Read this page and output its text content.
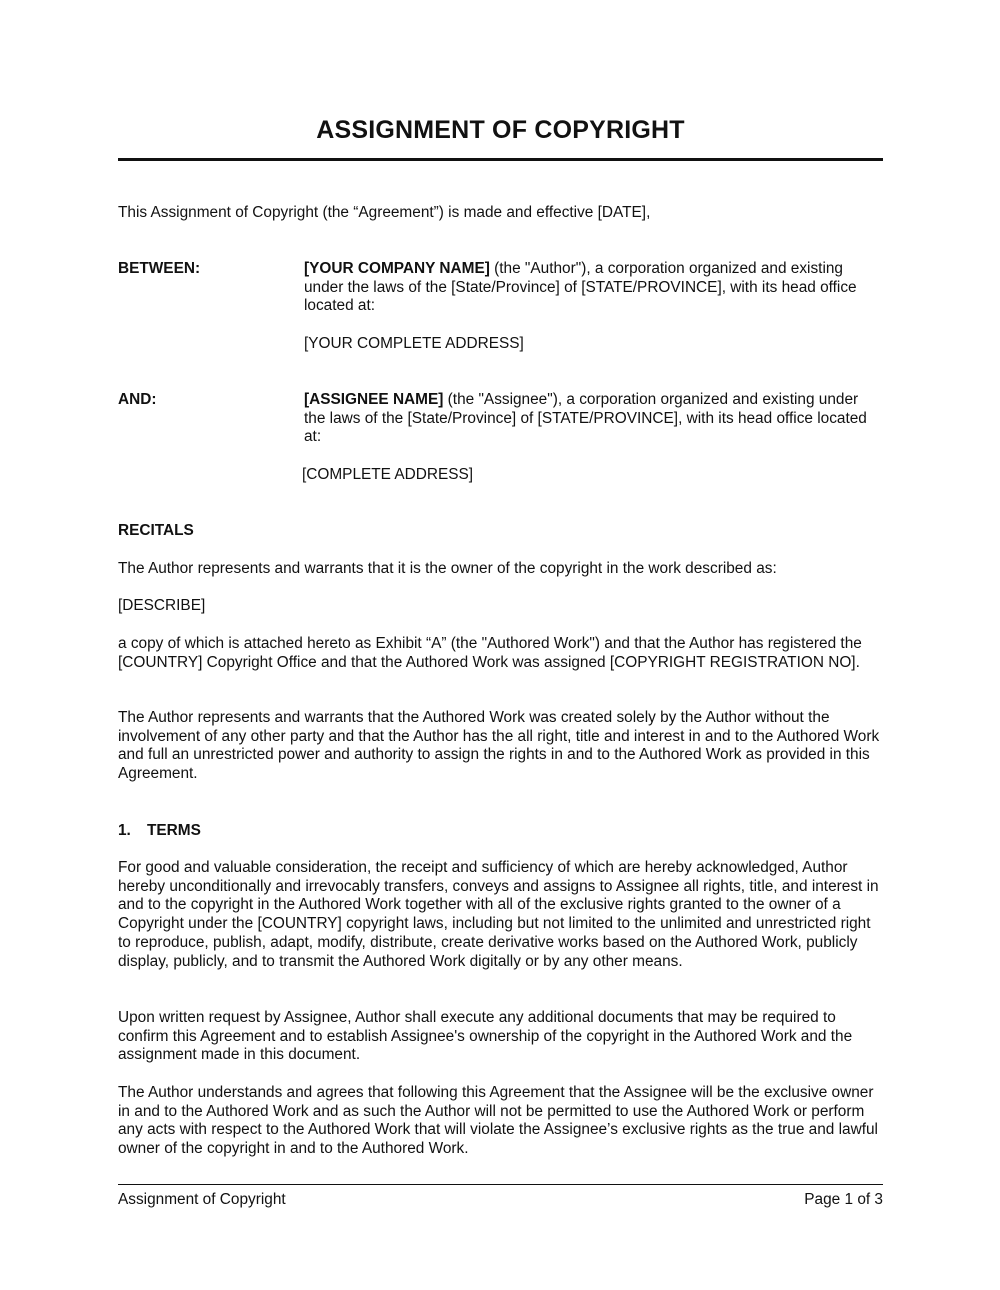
ASSIGNMENT OF COPYRIGHT

This Assignment of Copyright (the “Agreement”) is made and effective [DATE],

BETWEEN:	[YOUR COMPANY NAME] (the "Author"), a corporation organized and existing under the laws of the [State/Province] of [STATE/PROVINCE], with its head office located at:

[YOUR COMPLETE ADDRESS]

AND:	[ASSIGNEE NAME] (the "Assignee"), a corporation organized and existing under the laws of the [State/Province] of [STATE/PROVINCE], with its head office located at:

[COMPLETE ADDRESS]

RECITALS

The Author represents and warrants that it is the owner of the copyright in the work described as:

[DESCRIBE]

a copy of which is attached hereto as Exhibit “A” (the "Authored Work") and that the Author has registered the [COUNTRY] Copyright Office and that the Authored Work was assigned [COPYRIGHT REGISTRATION NO].

The Author represents and warrants that the Authored Work was created solely by the Author without the involvement of any other party and that the Author has the all right, title and interest in and to the Authored Work and full an unrestricted power and authority to assign the rights in and to the Authored Work as provided in this Agreement.

1. TERMS

For good and valuable consideration, the receipt and sufficiency of which are hereby acknowledged, Author hereby unconditionally and irrevocably transfers, conveys and assigns to Assignee all rights, title, and interest in and to the copyright in the Authored Work together with all of the exclusive rights granted to the owner of a Copyright under the [COUNTRY] copyright laws, including but not limited to the unlimited and unrestricted right to reproduce, publish, adapt, modify, distribute, create derivative works based on the Authored Work, publicly display, publicly, and to transmit the Authored Work digitally or by any other means.

Upon written request by Assignee, Author shall execute any additional documents that may be required to confirm this Agreement and to establish Assignee's ownership of the copyright in the Authored Work and the assignment made in this document.

The Author understands and agrees that following this Agreement that the Assignee will be the exclusive owner in and to the Authored Work and as such the Author will not be permitted to use the Authored Work or perform any acts with respect to the Authored Work that will violate the Assignee’s exclusive rights as the true and lawful owner of the copyright in and to the Authored Work.

Assignment of Copyright	Page 1 of 3
